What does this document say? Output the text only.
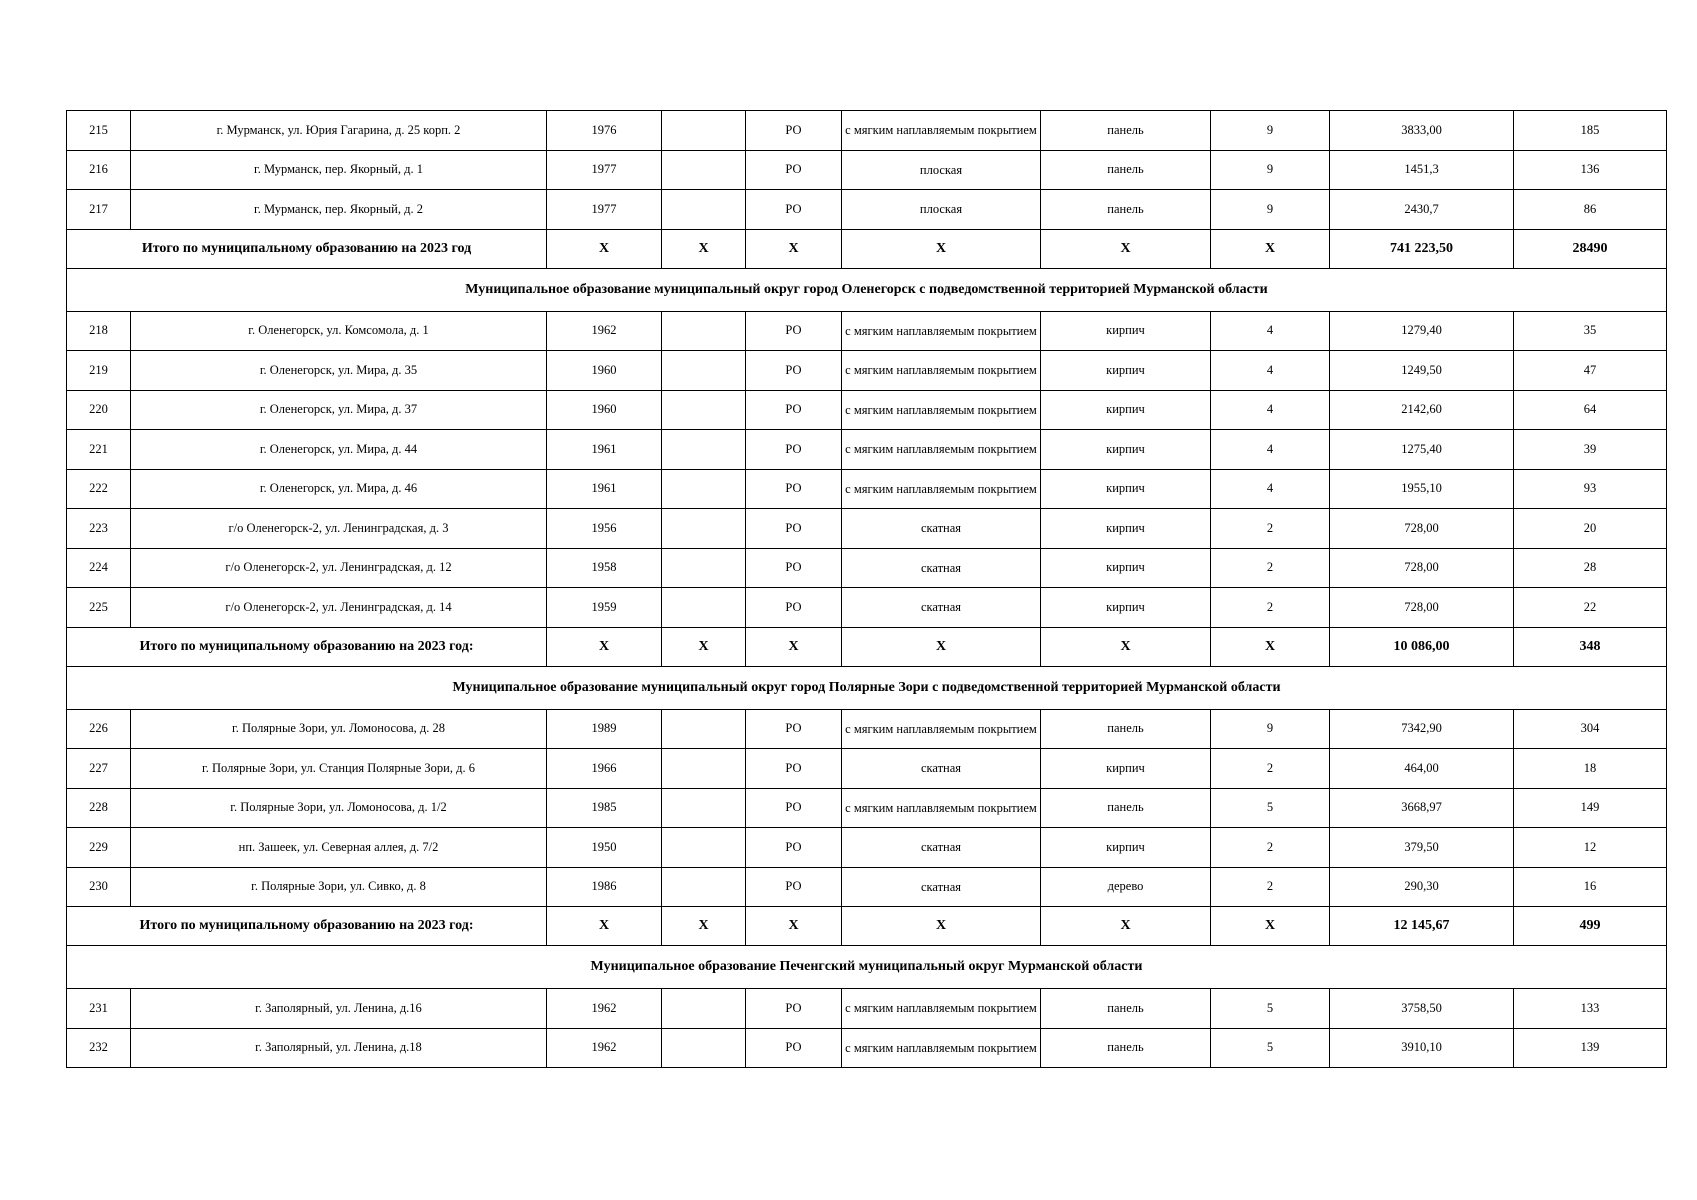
215	г. Мурманск, ул. Юрия Гагарина, д. 25 корп. 2	1976		РО	с мягким наплавляемым покрытием	панель	9	3833,00	185
216	г. Мурманск, пер. Якорный, д. 1	1977		РО	плоская	панель	9	1451,3	136
217	г. Мурманск, пер. Якорный, д. 2	1977		РО	плоская	панель	9	2430,7	86
Итого по муниципальному образованию на 2023 год		X	X	X	X	X	X	741 223,50	28490
Муниципальное образование муниципальный округ город Оленегорск с подведомственной территорией Мурманской области									
218	г. Оленегорск, ул. Комсомола, д. 1	1962		РО	с мягким наплавляемым покрытием	кирпич	4	1279,40	35
219	г. Оленегорск, ул. Мира, д. 35	1960		РО	с мягким наплавляемым покрытием	кирпич	4	1249,50	47
220	г. Оленегорск, ул. Мира, д. 37	1960		РО	с мягким наплавляемым покрытием	кирпич	4	2142,60	64
221	г. Оленегорск, ул. Мира, д. 44	1961		РО	с мягким наплавляемым покрытием	кирпич	4	1275,40	39
222	г. Оленегорск, ул. Мира, д. 46	1961		РО	с мягким наплавляемым покрытием	кирпич	4	1955,10	93
223	г/о Оленегорск-2, ул. Ленинградская, д. 3	1956		РО	скатная	кирпич	2	728,00	20
224	г/о Оленегорск-2, ул. Ленинградская, д. 12	1958		РО	скатная	кирпич	2	728,00	28
225	г/о Оленегорск-2, ул. Ленинградская, д. 14	1959		РО	скатная	кирпич	2	728,00	22
Итого по муниципальному образованию на 2023 год:		X	X	X	X	X	X	10 086,00	348
Муниципальное образование муниципальный округ город Полярные Зори с подведомственной территорией Мурманской области									
226	г. Полярные Зори, ул. Ломоносова, д. 28	1989		РО	с мягким наплавляемым покрытием	панель	9	7342,90	304
227	г. Полярные Зори, ул. Станция Полярные Зори, д. 6	1966		РО	скатная	кирпич	2	464,00	18
228	г. Полярные Зори, ул. Ломоносова, д. 1/2	1985		РО	с мягким наплавляемым покрытием	панель	5	3668,97	149
229	нп. Зашеек, ул. Северная аллея, д. 7/2	1950		РО	скатная	кирпич	2	379,50	12
230	г. Полярные Зори, ул. Сивко, д. 8	1986		РО	скатная	дерево	2	290,30	16
Итого по муниципальному образованию на 2023 год:		X	X	X	X	X	X	12 145,67	499
Муниципальное образование Печенгский муниципальный округ Мурманской области									
231	г. Заполярный, ул. Ленина, д.16	1962		РО	с мягким наплавляемым покрытием	панель	5	3758,50	133
232	г. Заполярный, ул. Ленина, д.18	1962		РО	с мягким наплавляемым покрытием	панель	5	3910,10	139
